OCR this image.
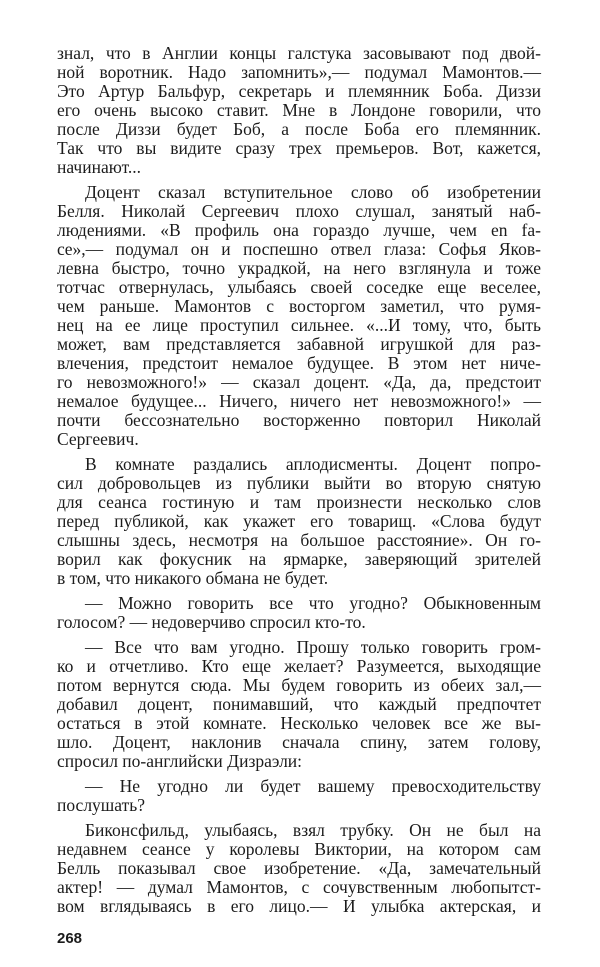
знал, что в Англии концы галстука засовывают под двой-
ной воротник. Надо запомнить»,— подумал Мамонтов.—
Это Артур Бальфур, секретарь и племянник Боба. Диззи
его очень высоко ставит. Мне в Лондоне говорили, что
после Диззи будет Боб, а после Боба его племянник.
Так что вы видите сразу трех премьеров. Вот, кажется,
начинают...
Доцент сказал вступительное слово об изобретении
Белля. Николай Сергеевич плохо слушал, занятый наб-
людениями. «В профиль она гораздо лучше, чем en fa-
ce»,— подумал он и поспешно отвел глаза: Софья Яков-
левна быстро, точно украдкой, на него взглянула и тоже
тотчас отвернулась, улыбаясь своей соседке еще веселее,
чем раньше. Мамонтов с восторгом заметил, что румя-
нец на ее лице проступил сильнее. «...И тому, что, быть
может, вам представляется забавной игрушкой для раз-
влечения, предстоит немалое будущее. В этом нет ниче-
го невозможного!» — сказал доцент. «Да, да, предстоит
немалое будущее... Ничего, ничего нет невозможного!» —
почти бессознательно восторженно повторил Николай
Сергеевич.
В комнате раздались аплодисменты. Доцент попро-
сил добровольцев из публики выйти во вторую снятую
для сеанса гостиную и там произнести несколько слов
перед публикой, как укажет его товарищ. «Слова будут
слышны здесь, несмотря на большое расстояние». Он го-
ворил как фокусник на ярмарке, заверяющий зрителей
в том, что никакого обмана не будет.
— Можно говорить все что угодно? Обыкновенным
голосом? — недоверчиво спросил кто-то.
— Все что вам угодно. Прошу только говорить гром-
ко и отчетливо. Кто еще желает? Разумеется, выходящие
потом вернутся сюда. Мы будем говорить из обеих зал,—
добавил доцент, понимавший, что каждый предпочтет
остаться в этой комнате. Несколько человек все же вы-
шло. Доцент, наклонив сначала спину, затем голову,
спросил по-английски Дизраэли:
— Не угодно ли будет вашему превосходительству
послушать?
Биконсфильд, улыбаясь, взял трубку. Он не был на
недавнем сеансе у королевы Виктории, на котором сам
Белль показывал свое изобретение. «Да, замечательный
актер! — думал Мамонтов, с сочувственным любопытст-
вом вглядываясь в его лицо.— И улыбка актерская, и
268
